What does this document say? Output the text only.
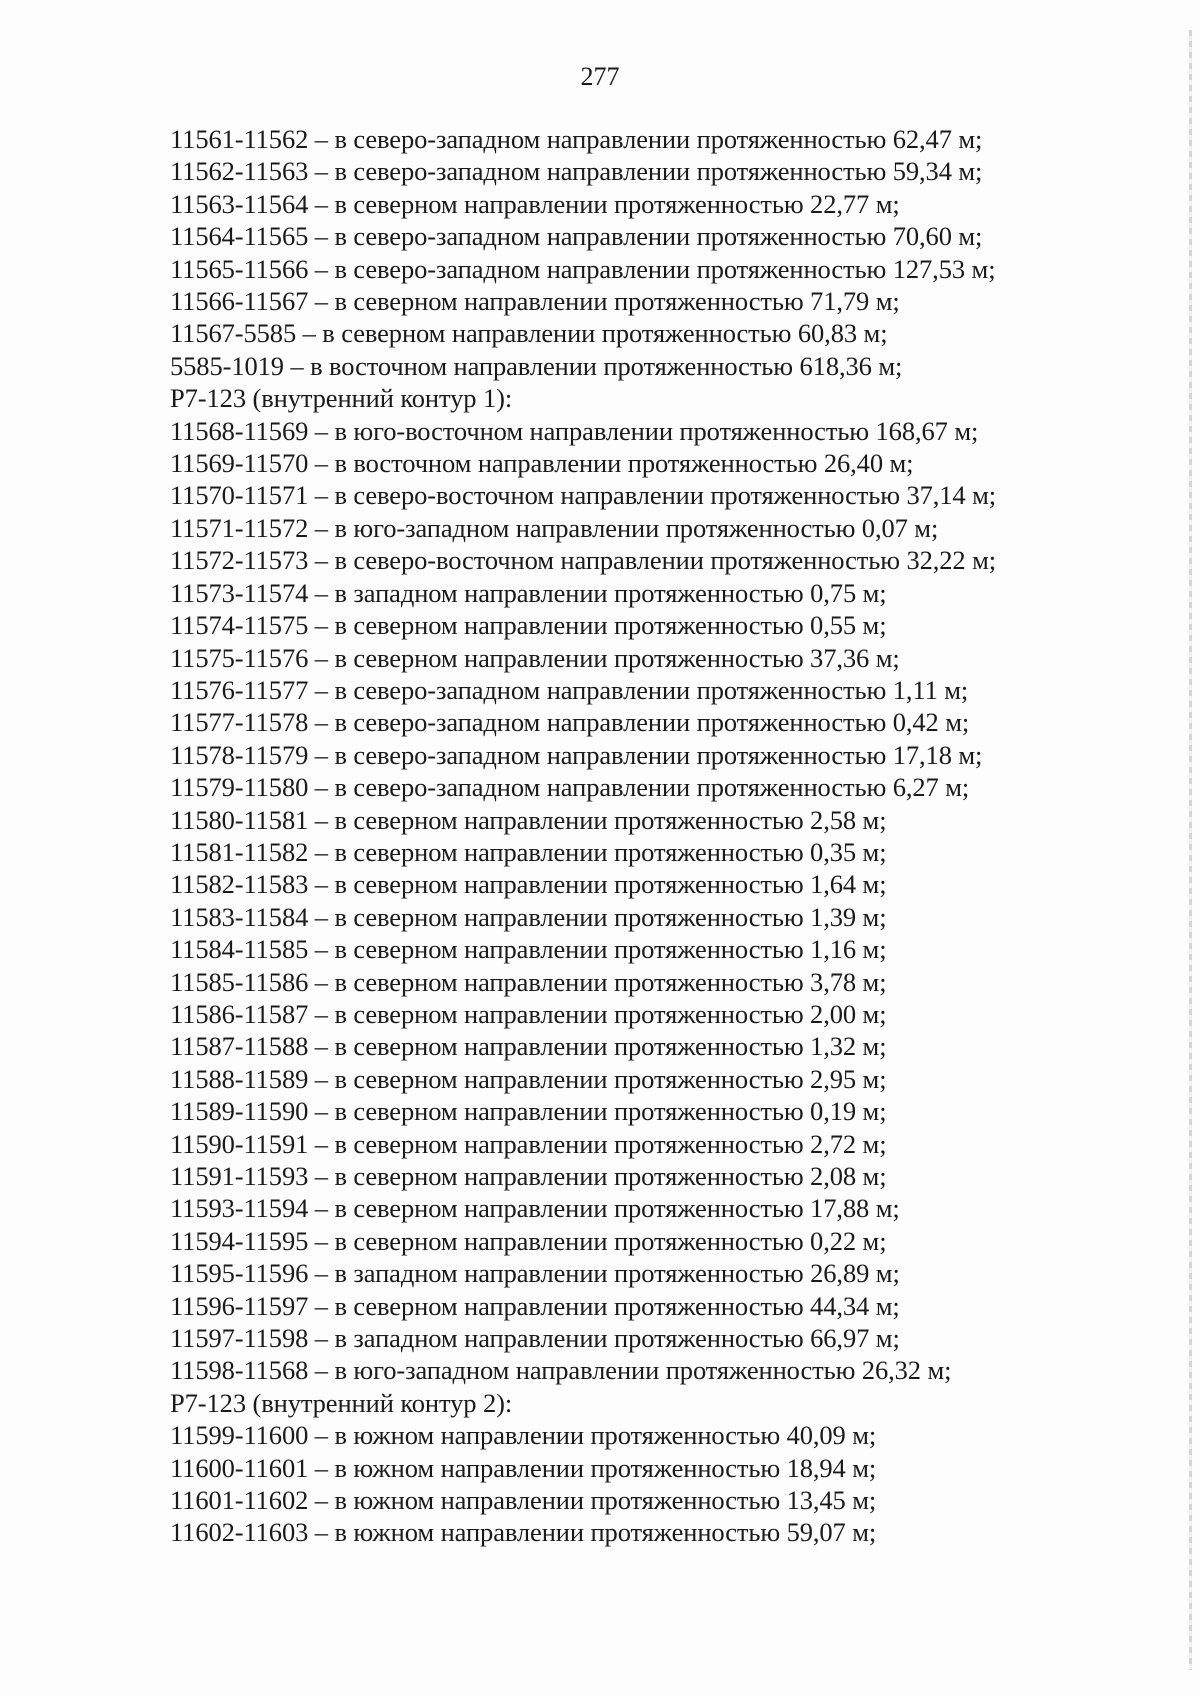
277
11561-11562 – в северо-западном направлении протяженностью 62,47 м;
11562-11563 – в северо-западном направлении протяженностью 59,34 м;
11563-11564 – в северном направлении протяженностью 22,77 м;
11564-11565 – в северо-западном направлении протяженностью 70,60 м;
11565-11566 – в северо-западном направлении протяженностью 127,53 м;
11566-11567 – в северном направлении протяженностью 71,79 м;
11567-5585 – в северном направлении протяженностью 60,83 м;
5585-1019 – в восточном направлении протяженностью 618,36 м;
Р7-123 (внутренний контур 1):
11568-11569 – в юго-восточном направлении протяженностью 168,67 м;
11569-11570 – в восточном направлении протяженностью 26,40 м;
11570-11571 – в северо-восточном направлении протяженностью 37,14 м;
11571-11572 – в юго-западном направлении протяженностью 0,07 м;
11572-11573 – в северо-восточном направлении протяженностью 32,22 м;
11573-11574 – в западном направлении протяженностью 0,75 м;
11574-11575 – в северном направлении протяженностью 0,55 м;
11575-11576 – в северном направлении протяженностью 37,36 м;
11576-11577 – в северо-западном направлении протяженностью 1,11 м;
11577-11578 – в северо-западном направлении протяженностью 0,42 м;
11578-11579 – в северо-западном направлении протяженностью 17,18 м;
11579-11580 – в северо-западном направлении протяженностью 6,27 м;
11580-11581 – в северном направлении протяженностью 2,58 м;
11581-11582 – в северном направлении протяженностью 0,35 м;
11582-11583 – в северном направлении протяженностью 1,64 м;
11583-11584 – в северном направлении протяженностью 1,39 м;
11584-11585 – в северном направлении протяженностью 1,16 м;
11585-11586 – в северном направлении протяженностью 3,78 м;
11586-11587 – в северном направлении протяженностью 2,00 м;
11587-11588 – в северном направлении протяженностью 1,32 м;
11588-11589 – в северном направлении протяженностью 2,95 м;
11589-11590 – в северном направлении протяженностью 0,19 м;
11590-11591 – в северном направлении протяженностью 2,72 м;
11591-11593 – в северном направлении протяженностью 2,08 м;
11593-11594 – в северном направлении протяженностью 17,88 м;
11594-11595 – в северном направлении протяженностью 0,22 м;
11595-11596 – в западном направлении протяженностью 26,89 м;
11596-11597 – в северном направлении протяженностью 44,34 м;
11597-11598 – в западном направлении протяженностью 66,97 м;
11598-11568 – в юго-западном направлении протяженностью 26,32 м;
Р7-123 (внутренний контур 2):
11599-11600 – в южном направлении протяженностью 40,09 м;
11600-11601 – в южном направлении протяженностью 18,94 м;
11601-11602 – в южном направлении протяженностью 13,45 м;
11602-11603 – в южном направлении протяженностью 59,07 м;
